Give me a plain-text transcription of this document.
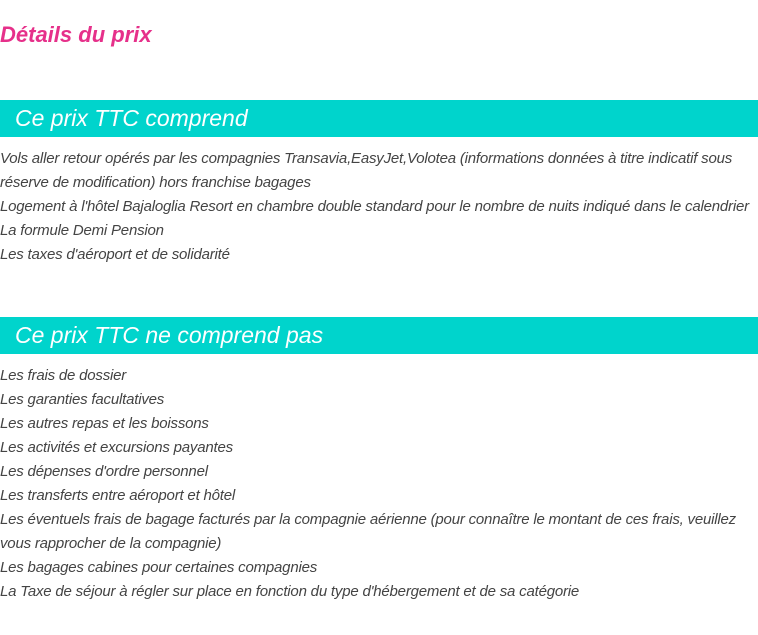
Détails du prix
Ce prix TTC comprend
Vols aller retour opérés par les compagnies Transavia,EasyJet,Volotea (informations données à titre indicatif sous réserve de modification) hors franchise bagages
Logement à l'hôtel Bajaloglia Resort en chambre double standard pour le nombre de nuits indiqué dans le calendrier
La formule Demi Pension
Les taxes d'aéroport et de solidarité
Ce prix TTC ne comprend pas
Les frais de dossier
Les garanties facultatives
Les autres repas et les boissons
Les activités et excursions payantes
Les dépenses d'ordre personnel
Les transferts entre aéroport et hôtel
Les éventuels frais de bagage facturés par la compagnie aérienne (pour connaître le montant de ces frais, veuillez vous rapprocher de la compagnie)
Les bagages cabines pour certaines compagnies
La Taxe de séjour à régler sur place en fonction du type d'hébergement et de sa catégorie
